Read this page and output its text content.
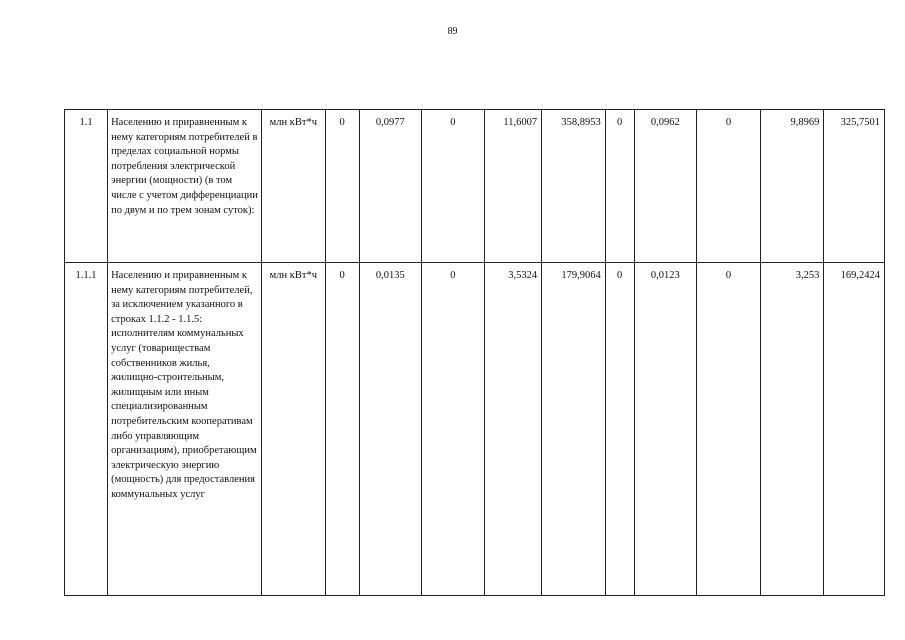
89
1.1	Населению и приравненным к нему категориям потребителей в пределах социальной нормы потребления электрической энергии (мощности) (в том числе с учетом дифференциации по двум и по трем зонам суток):	млн кВт*ч	0	0,0977	0	11,6007	358,8953	0	0,0962	0	9,8969	325,7501
1.1.1	Населению и приравненным к нему категориям потребителей, за исключением указанного в строках 1.1.2 - 1.1.5: исполнителям коммунальных услуг (товариществам собственников жилья, жилищно-строительным, жилищным или иным специализированным потребительским кооперативам либо управляющим организациям), приобретающим электрическую энергию (мощность) для предоставления коммунальных услуг	млн кВт*ч	0	0,0135	0	3,5324	179,9064	0	0,0123	0	3,253	169,2424
